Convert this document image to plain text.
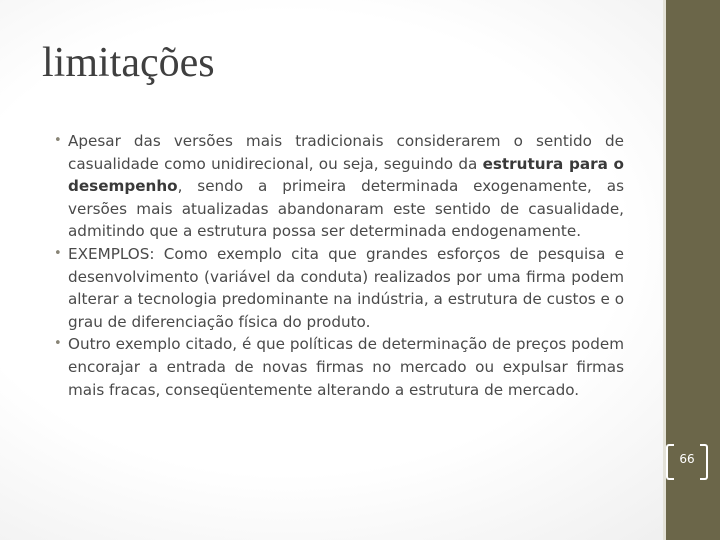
limitações
• Apesar das versões mais tradicionais considerarem o sentido de casualidade como unidirecional, ou seja, seguindo da estrutura para o desempenho, sendo a primeira determinada exogenamente, as versões mais atualizadas abandonaram este sentido de casualidade, admitindo que a estrutura possa ser determinada endogenamente.
• EXEMPLOS: Como exemplo cita que grandes esforços de pesquisa e desenvolvimento (variável da conduta) realizados por uma firma podem alterar a tecnologia predominante na indústria, a estrutura de custos e o grau de diferenciação física do produto.
• Outro exemplo citado, é que políticas de determinação de preços podem encorajar a entrada de novas firmas no mercado ou expulsar firmas mais fracas, conseqüentemente alterando a estrutura de mercado.
66
